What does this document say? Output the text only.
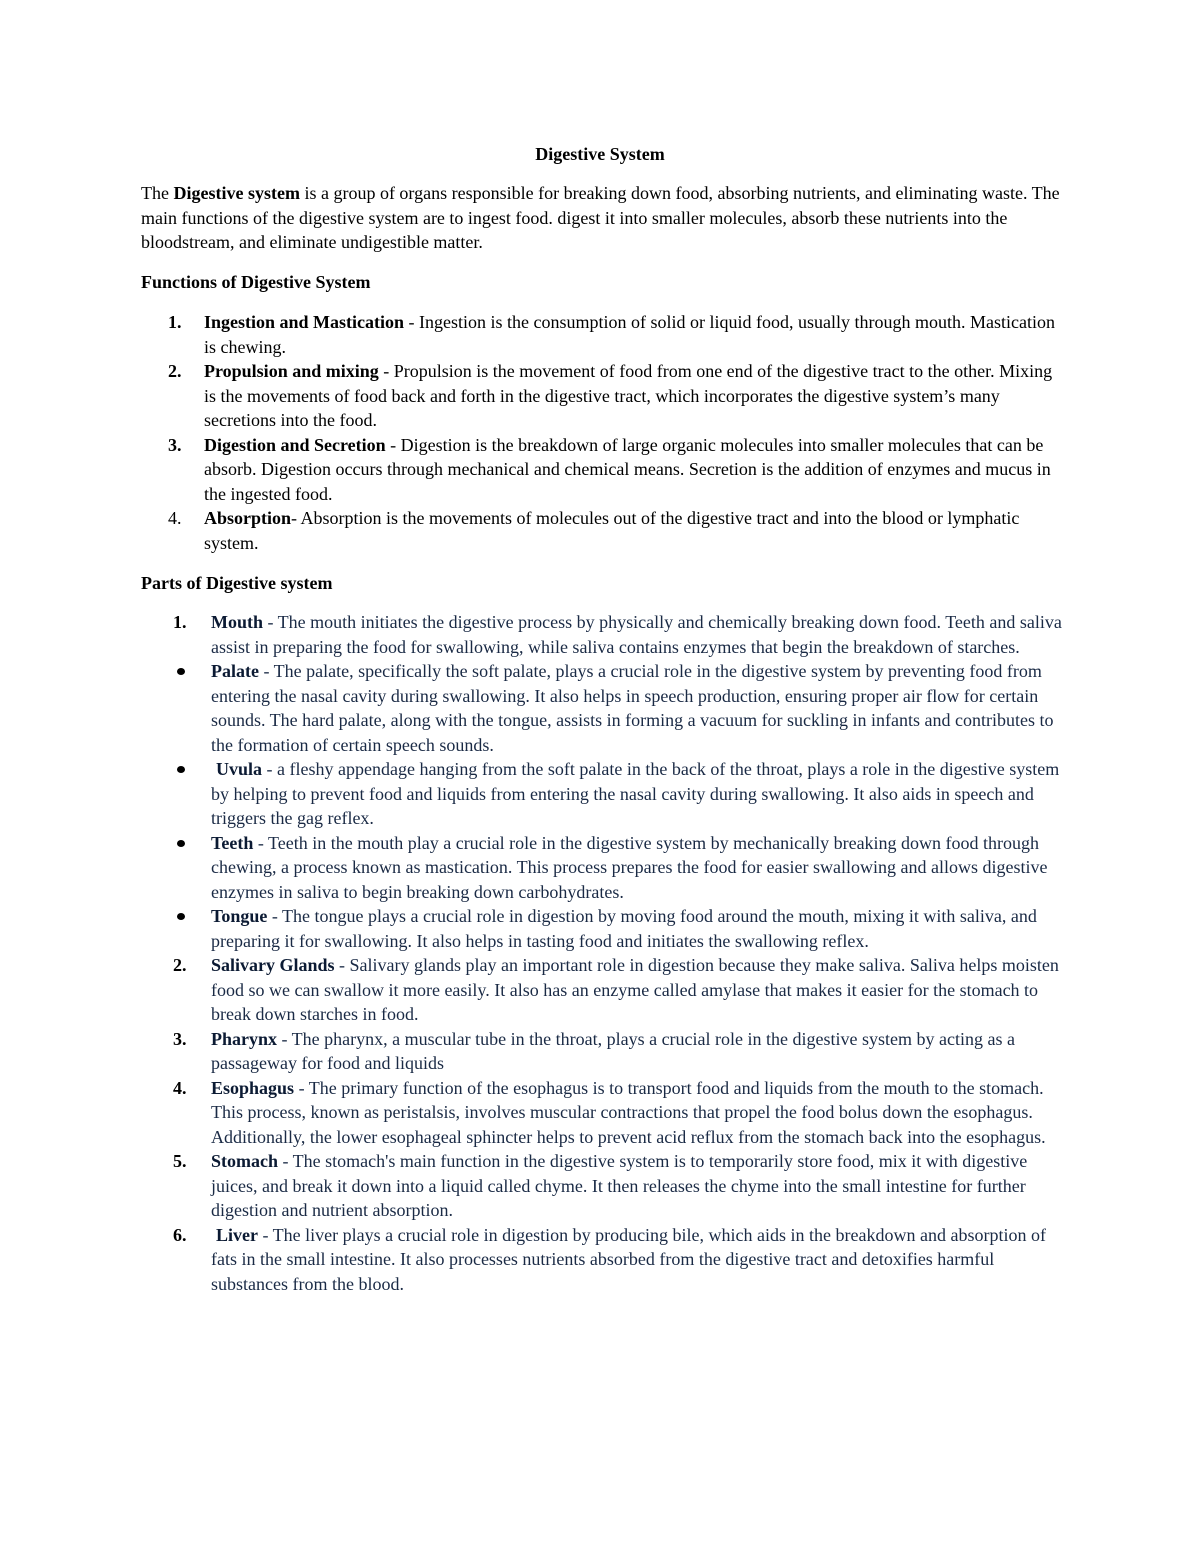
Digestive System

The Digestive system is a group of organs responsible for breaking down food, absorbing nutrients, and eliminating waste. The main functions of the digestive system are to ingest food. digest it into smaller molecules, absorb these nutrients into the bloodstream, and eliminate undigestible matter.

Functions of Digestive System
1.	Ingestion and Mastication - Ingestion is the consumption of solid or liquid food, usually through mouth. Mastication is chewing.
2.	Propulsion and mixing - Propulsion is the movement of food from one end of the digestive tract to the other. Mixing is the movements of food back and forth in the digestive tract, which incorporates the digestive system’s many secretions into the food.
3.	Digestion and Secretion - Digestion is the breakdown of large organic molecules into smaller molecules that can be absorb. Digestion occurs through mechanical and chemical means. Secretion is the addition of enzymes and mucus in the ingested food.
4.	Absorption- Absorption is the movements of molecules out of the digestive tract and into the blood or lymphatic system.
Parts of Digestive system
1.	Mouth - The mouth initiates the digestive process by physically and chemically breaking down food. Teeth and saliva assist in preparing the food for swallowing, while saliva contains enzymes that begin the breakdown of starches.
Palate - The palate, specifically the soft palate, plays a crucial role in the digestive system by preventing food from entering the nasal cavity during swallowing. It also helps in speech production, ensuring proper air flow for certain sounds. The hard palate, along with the tongue, assists in forming a vacuum for suckling in infants and contributes to the formation of certain speech sounds.
Uvula - a fleshy appendage hanging from the soft palate in the back of the throat, plays a role in the digestive system by helping to prevent food and liquids from entering the nasal cavity during swallowing. It also aids in speech and triggers the gag reflex.
Teeth - Teeth in the mouth play a crucial role in the digestive system by mechanically breaking down food through chewing, a process known as mastication. This process prepares the food for easier swallowing and allows digestive enzymes in saliva to begin breaking down carbohydrates.
Tongue - The tongue plays a crucial role in digestion by moving food around the mouth, mixing it with saliva, and preparing it for swallowing. It also helps in tasting food and initiates the swallowing reflex.
2.	Salivary Glands - Salivary glands play an important role in digestion because they make saliva. Saliva helps moisten food so we can swallow it more easily. It also has an enzyme called amylase that makes it easier for the stomach to break down starches in food.
3.	Pharynx - The pharynx, a muscular tube in the throat, plays a crucial role in the digestive system by acting as a passageway for food and liquids
4.	Esophagus - The primary function of the esophagus is to transport food and liquids from the mouth to the stomach. This process, known as peristalsis, involves muscular contractions that propel the food bolus down the esophagus. Additionally, the lower esophageal sphincter helps to prevent acid reflux from the stomach back into the esophagus.
5.	Stomach - The stomach's main function in the digestive system is to temporarily store food, mix it with digestive juices, and break it down into a liquid called chyme. It then releases the chyme into the small intestine for further digestion and nutrient absorption.
6.	Liver - The liver plays a crucial role in digestion by producing bile, which aids in the breakdown and absorption of fats in the small intestine. It also processes nutrients absorbed from the digestive tract and detoxifies harmful substances from the blood.
